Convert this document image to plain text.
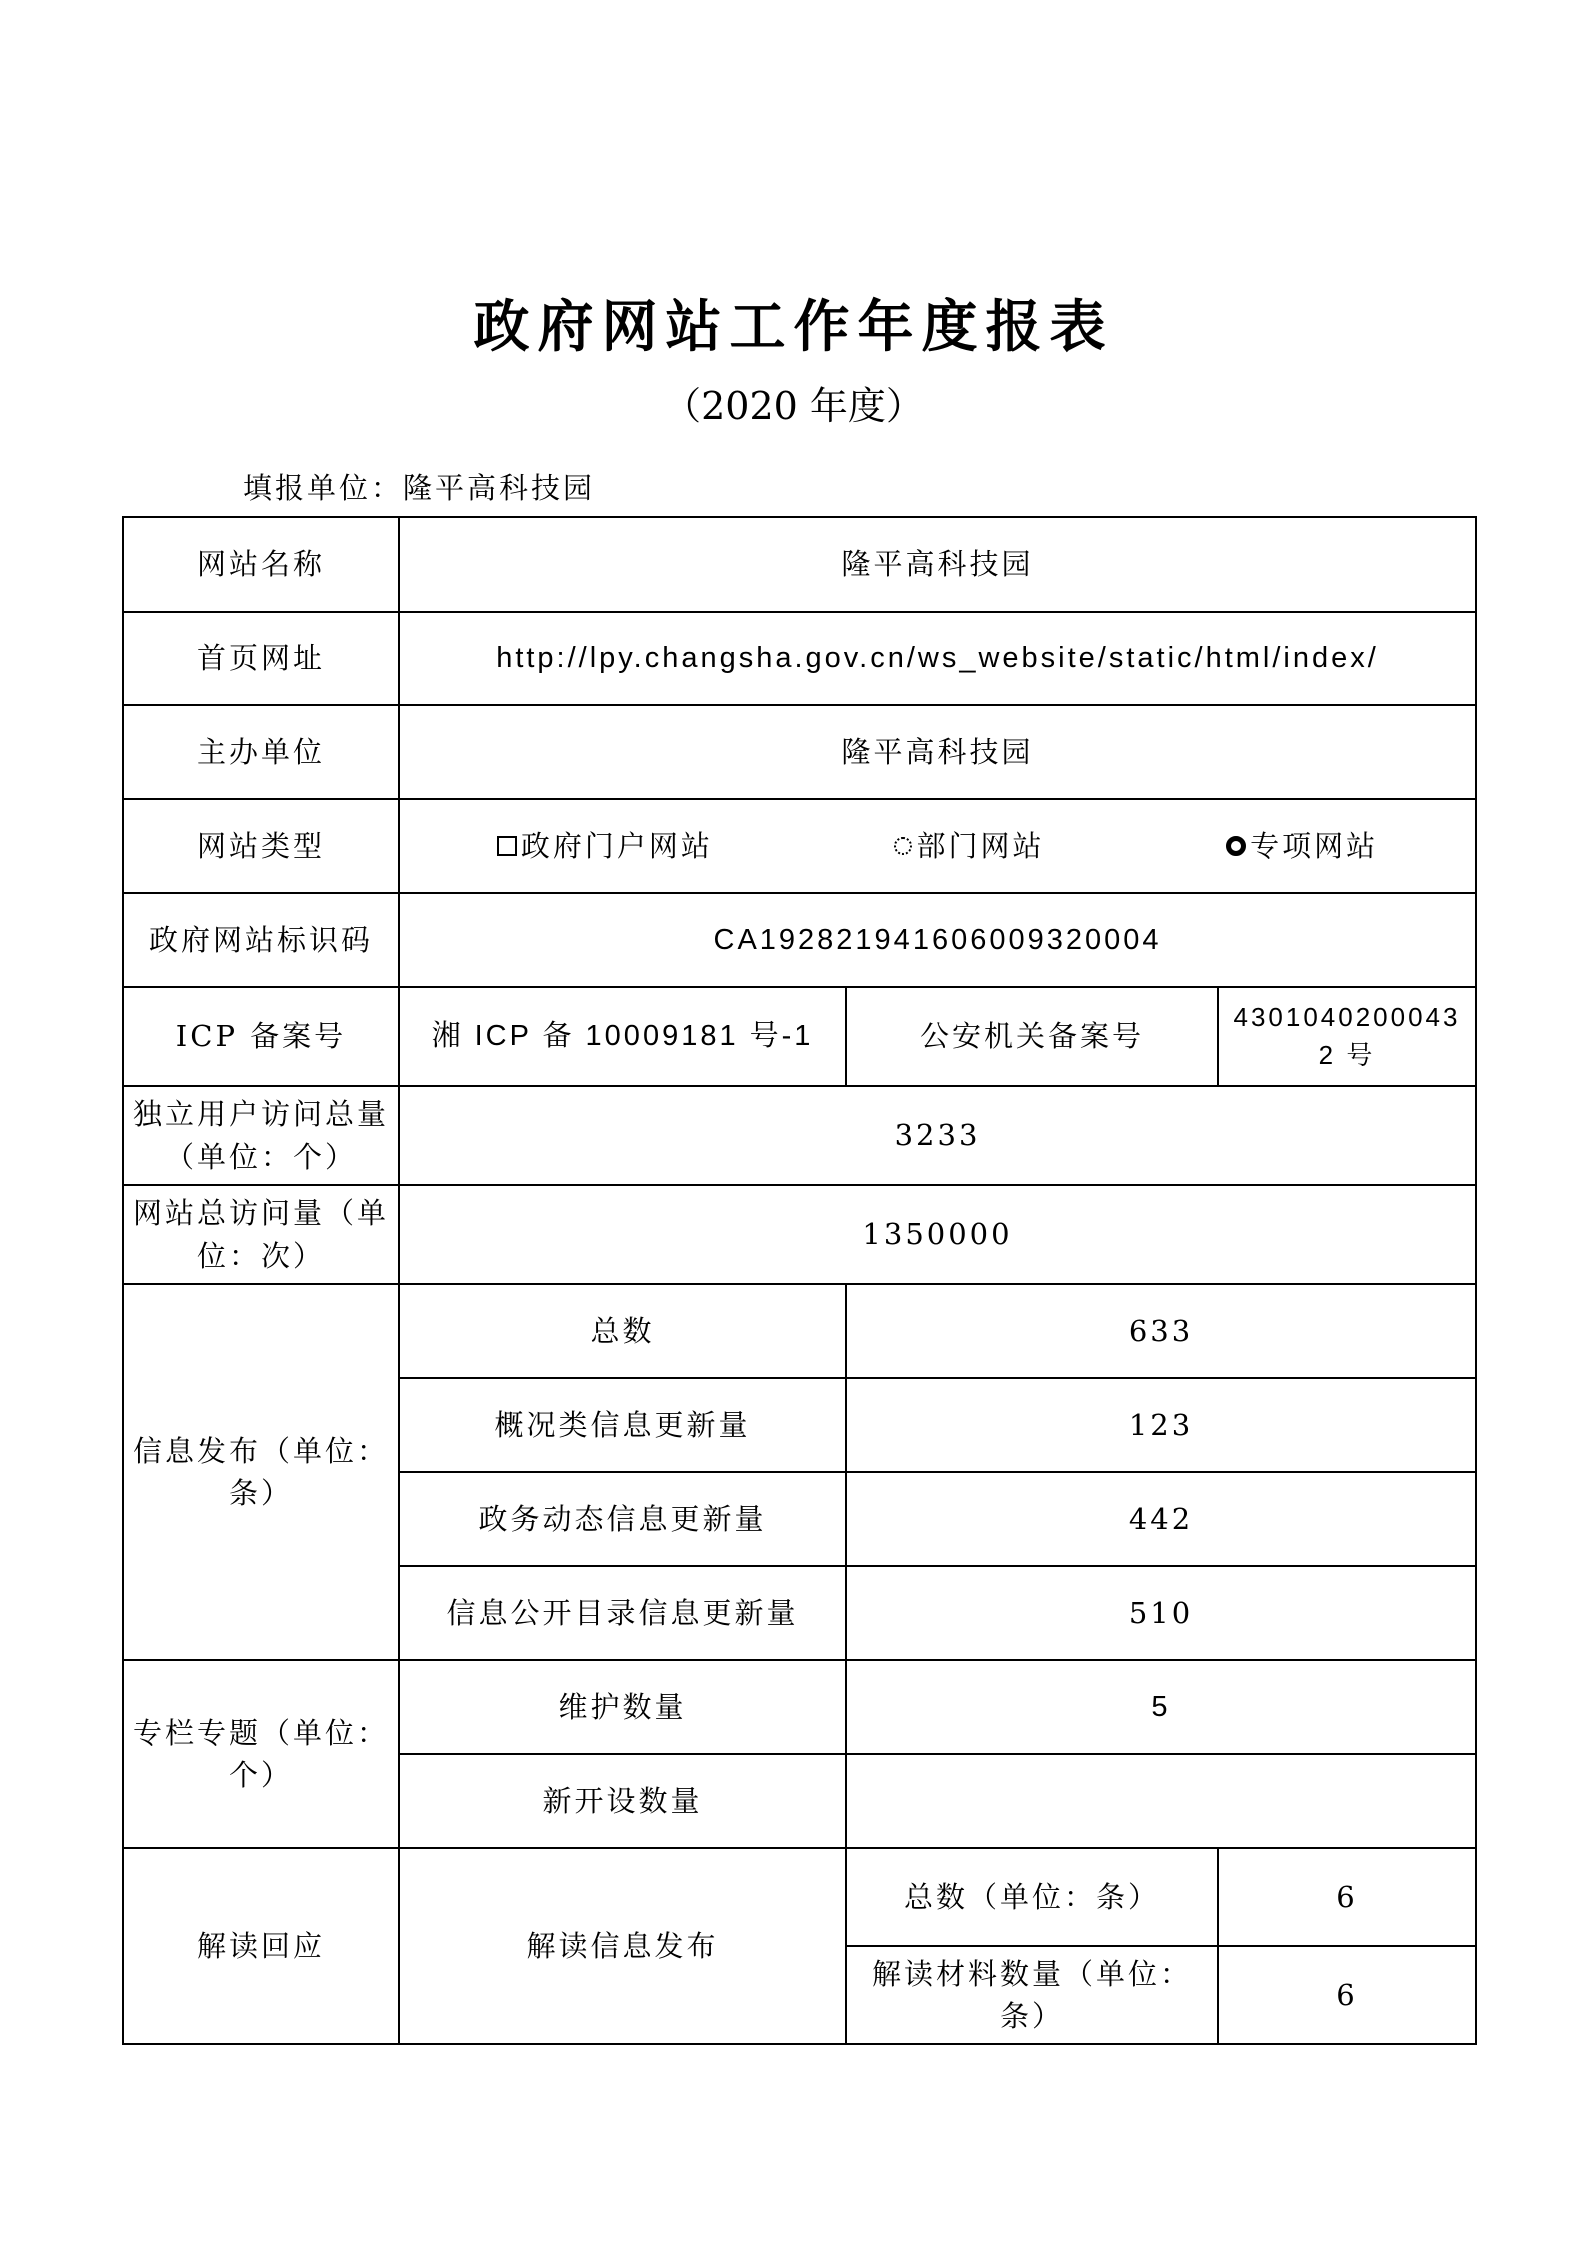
政府网站工作年度报表
（2020 年度）
填报单位：隆平高科技园
网站名称	隆平高科技园		
首页网址	http://lpy.changsha.gov.cn/ws_website/static/html/index/		
主办单位	隆平高科技园		
网站类型	政府门户网站 部门网站 专项网站		

政府网站标识码	CA192821941606009320004		
ICP 备案号	湘 ICP 备 10009181 号-1	公安机关备案号	4301040200043 2 号
独立用户访问总量（单位：个）	3233		
网站总访问量（单位：次）	1350000		
信息发布（单位：条）	总数	633	
	概况类信息更新量	123	
	政务动态信息更新量	442	
	信息公开目录信息更新量	510	
专栏专题（单位：个）	维护数量	5	
	新开设数量		
解读回应	解读信息发布	总数（单位：条）	6
		解读材料数量（单位：条）	6
